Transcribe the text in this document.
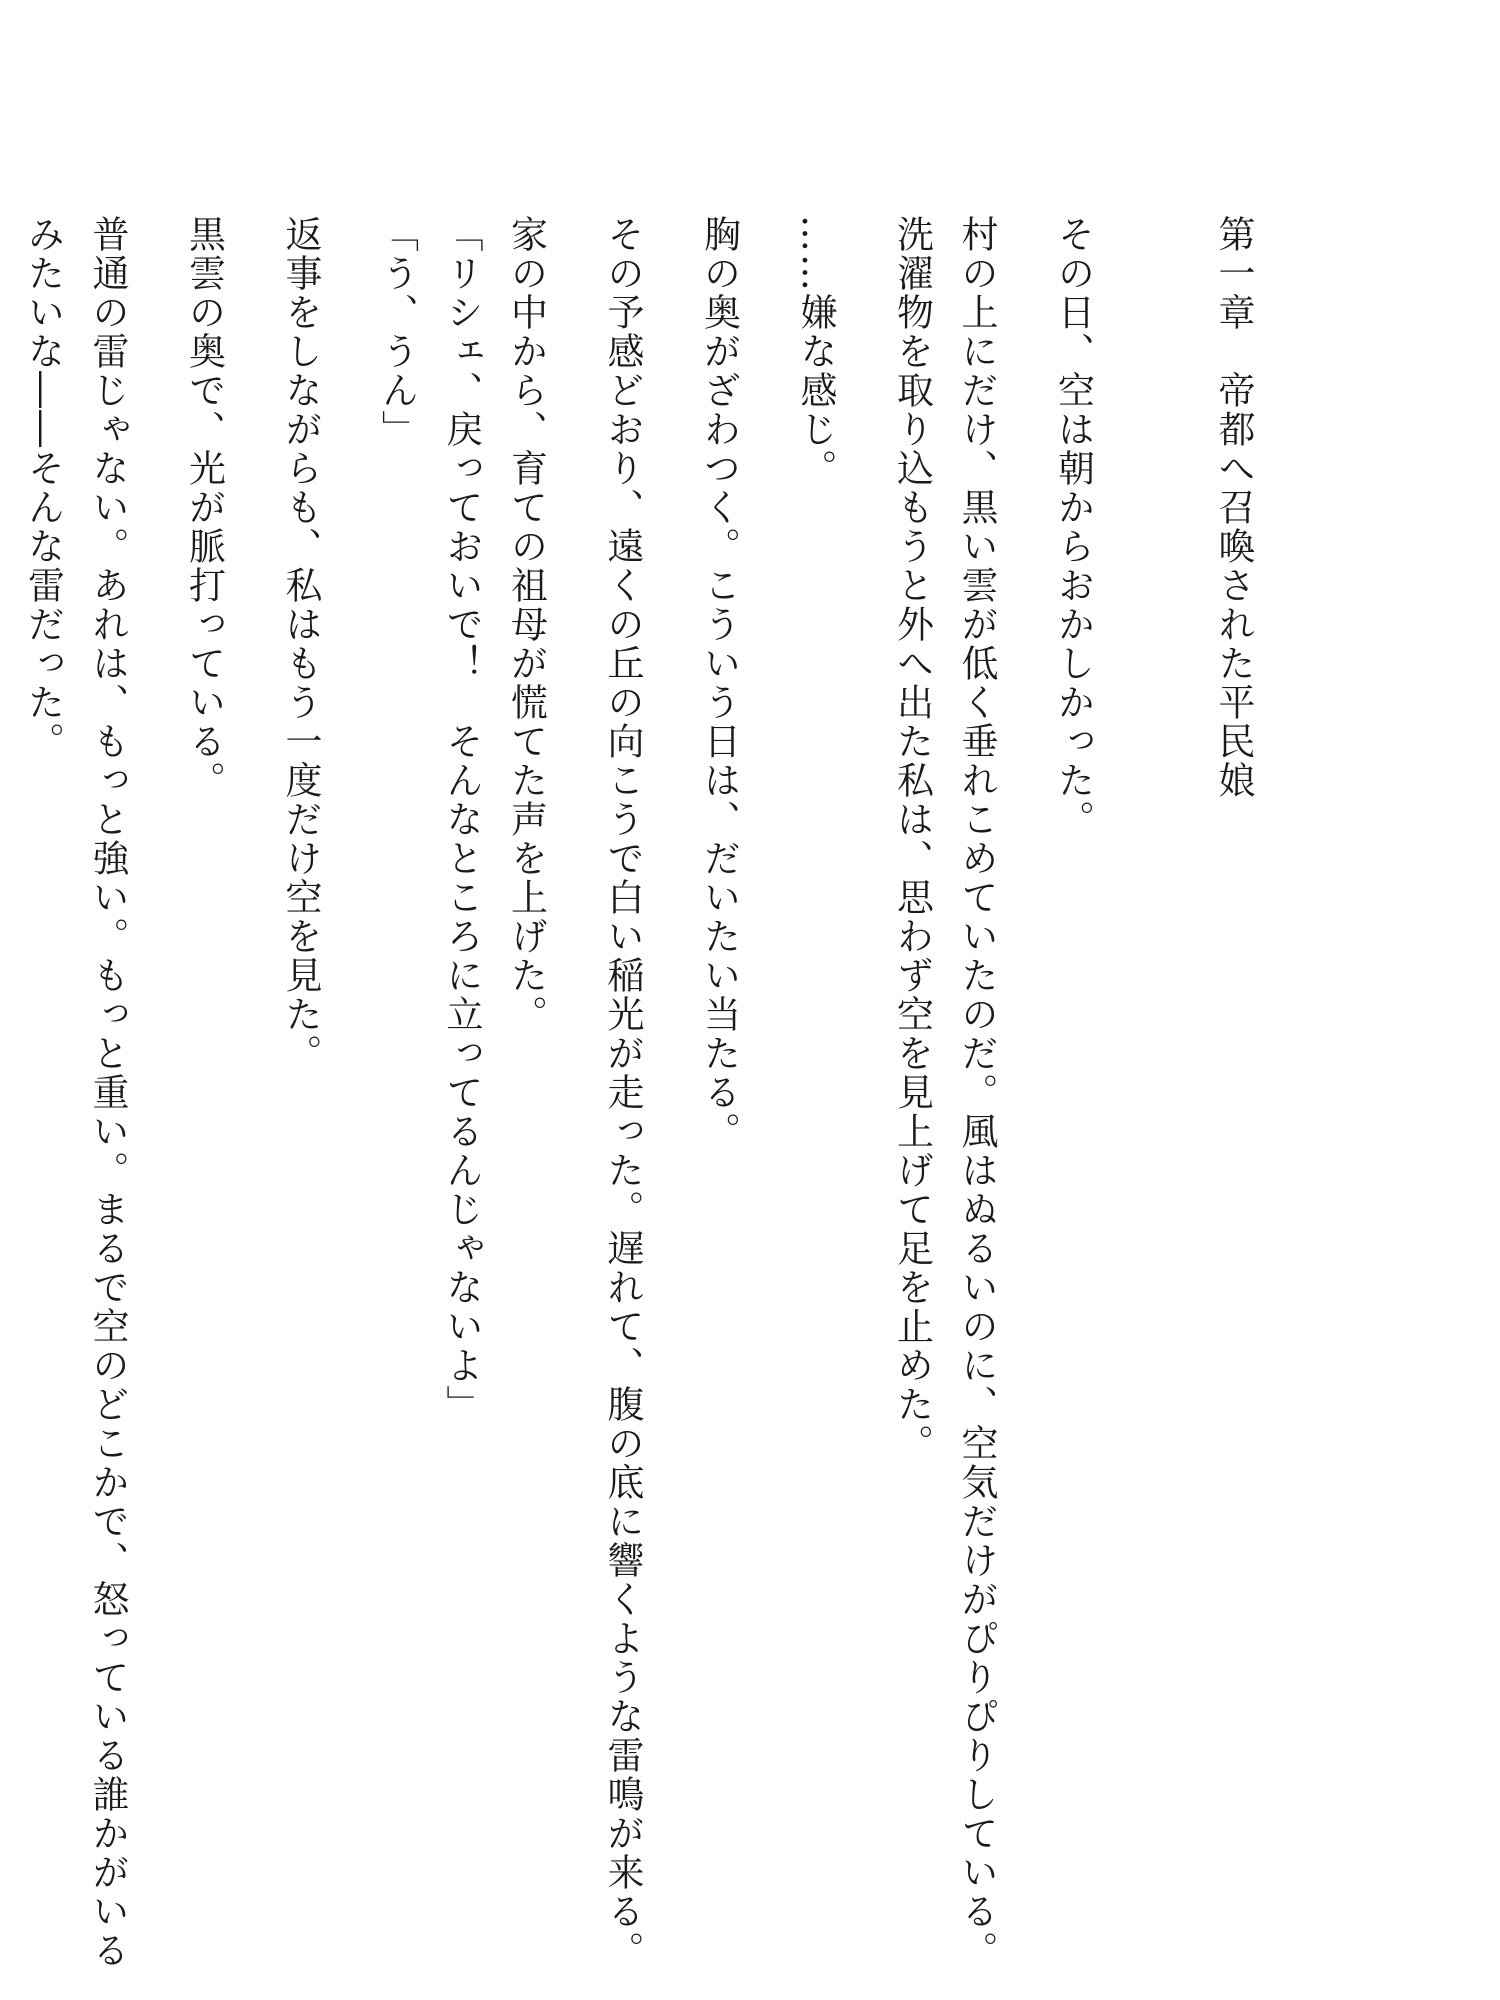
第一章　帝都へ召喚された平民娘
その日、空は朝からおかしかった。
村の上にだけ、黒い雲が低く垂れこめていたのだ。風はぬるいのに、空気だけがぴりぴりしている。
洗濯物を取り込もうと外へ出た私は、思わず空を見上げて足を止めた。
……嫌な感じ。
胸の奥がざわつく。こういう日は、だいたい当たる。
その予感どおり、遠くの丘の向こうで白い稲光が走った。遅れて、腹の底に響くような雷鳴が来る。
家の中から、育ての祖母が慌てた声を上げた。
「リシェ、戻っておいで！　そんなところに立ってるんじゃないよ」
「う、うん」
返事をしながらも、私はもう一度だけ空を見た。
黒雲の奥で、光が脈打っている。
普通の雷じゃない。あれは、もっと強い。もっと重い。まるで空のどこかで、怒っている誰かがいる
みたいな――そんな雷だった。
